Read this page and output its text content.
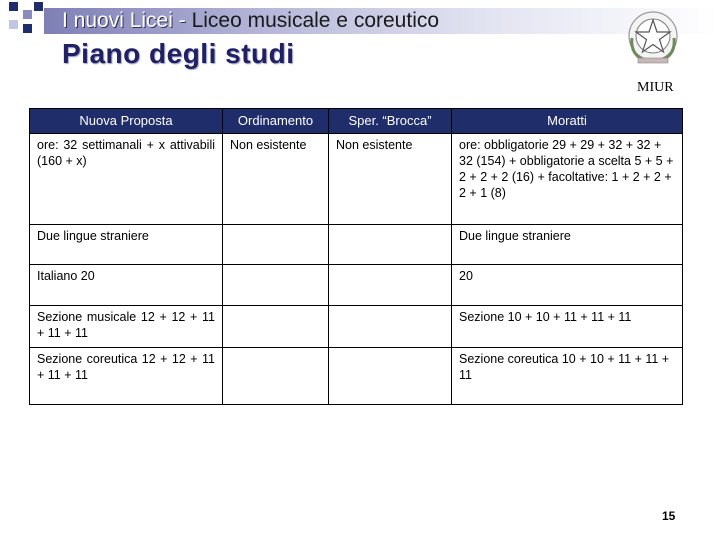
I nuovi Licei - Liceo musicale e coreutico
Piano degli studi
MIUR
Nuova Proposta	Ordinamento	Sper. “Brocca”	Moratti
ore: 32 settimanali + x attivabili (160 + x)	Non esistente	Non esistente	ore: obbligatorie 29 + 29 + 32 + 32 + 32 (154) + obbligatorie a scelta 5 + 5 + 2 + 2 + 2 (16) + facoltative: 1 + 2 + 2 + 2 + 1 (8)
Due lingue straniere			Due lingue straniere
Italiano 20			20
Sezione musicale 12 + 12 + 11 + 11 + 11			Sezione 10 + 10 + 11 + 11 + 11
Sezione coreutica 12 + 12 + 11 + 11 + 11			Sezione coreutica 10 + 10 + 11 + 11 + 11
15
